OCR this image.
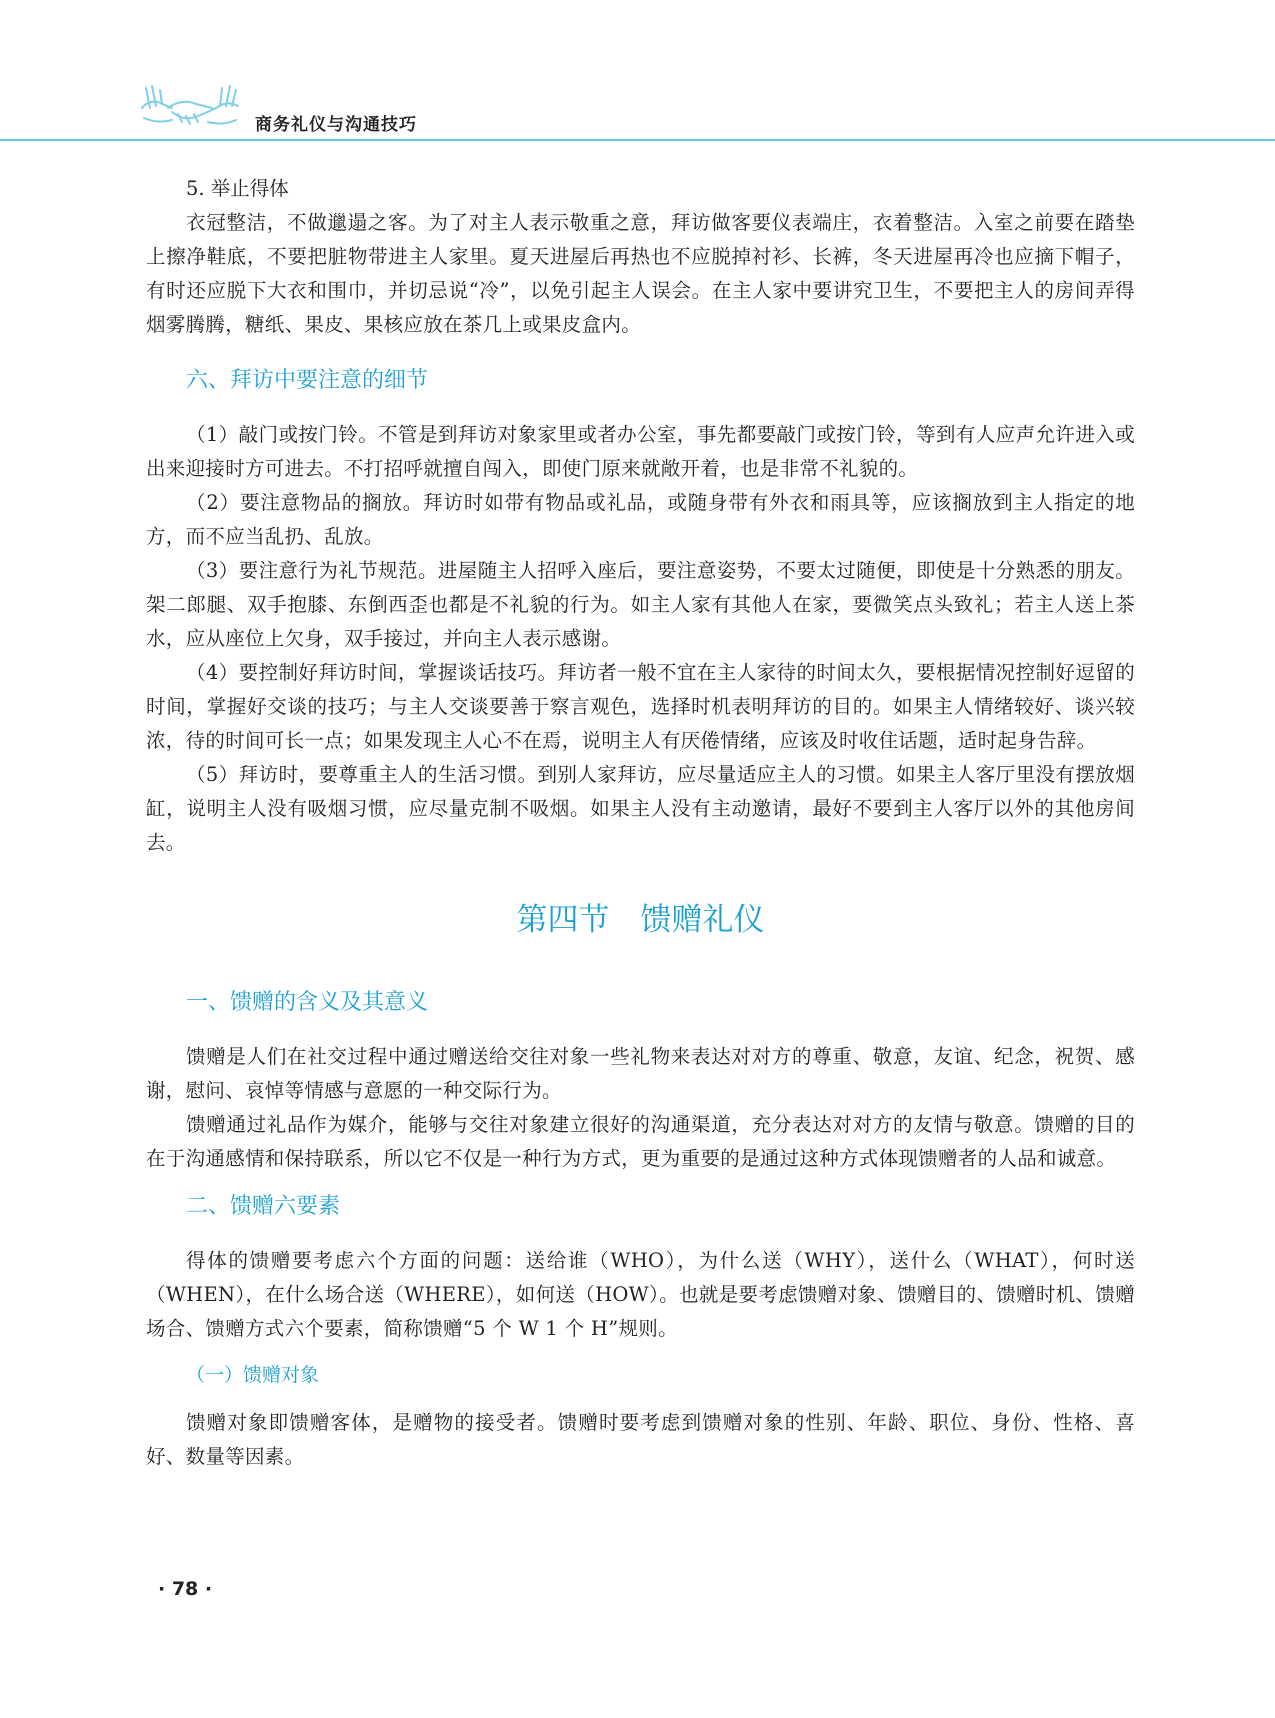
商务礼仪与沟通技巧
5. 举止得体

衣冠整洁，不做邋遢之客。为了对主人表示敬重之意，拜访做客要仪表端庄，衣着整洁。入室之前要在踏垫上擦净鞋底，不要把脏物带进主人家里。夏天进屋后再热也不应脱掉衬衫、长裤，冬天进屋再冷也应摘下帽子，有时还应脱下大衣和围巾，并切忌说“冷”，以免引起主人误会。在主人家中要讲究卫生，不要把主人的房间弄得烟雾腾腾，糖纸、果皮、果核应放在茶几上或果皮盒内。

六、拜访中要注意的细节

（1）敲门或按门铃。不管是到拜访对象家里或者办公室，事先都要敲门或按门铃，等到有人应声允许进入或出来迎接时方可进去。不打招呼就擅自闯入，即使门原来就敞开着，也是非常不礼貌的。

（2）要注意物品的搁放。拜访时如带有物品或礼品，或随身带有外衣和雨具等，应该搁放到主人指定的地方，而不应当乱扔、乱放。

（3）要注意行为礼节规范。进屋随主人招呼入座后，要注意姿势，不要太过随便，即使是十分熟悉的朋友。架二郎腿、双手抱膝、东倒西歪也都是不礼貌的行为。如主人家有其他人在家，要微笑点头致礼；若主人送上茶水，应从座位上欠身，双手接过，并向主人表示感谢。

（4）要控制好拜访时间，掌握谈话技巧。拜访者一般不宜在主人家待的时间太久，要根据情况控制好逗留的时间，掌握好交谈的技巧；与主人交谈要善于察言观色，选择时机表明拜访的目的。如果主人情绪较好、谈兴较浓，待的时间可长一点；如果发现主人心不在焉，说明主人有厌倦情绪，应该及时收住话题，适时起身告辞。

（5）拜访时，要尊重主人的生活习惯。到别人家拜访，应尽量适应主人的习惯。如果主人客厅里没有摆放烟缸，说明主人没有吸烟习惯，应尽量克制不吸烟。如果主人没有主动邀请，最好不要到主人客厅以外的其他房间去。

第四节　馈赠礼仪
一、馈赠的含义及其意义

馈赠是人们在社交过程中通过赠送给交往对象一些礼物来表达对对方的尊重、敬意，友谊、纪念，祝贺、感谢，慰问、哀悼等情感与意愿的一种交际行为。

馈赠通过礼品作为媒介，能够与交往对象建立很好的沟通渠道，充分表达对对方的友情与敬意。馈赠的目的在于沟通感情和保持联系，所以它不仅是一种行为方式，更为重要的是通过这种方式体现馈赠者的人品和诚意。

二、馈赠六要素

得体的馈赠要考虑六个方面的问题：送给谁（WHO），为什么送（WHY），送什么（WHAT），何时送（WHEN），在什么场合送（WHERE），如何送（HOW）。也就是要考虑馈赠对象、馈赠目的、馈赠时机、馈赠场合、馈赠方式六个要素，简称馈赠“5 个 W 1 个 H”规则。

（一）馈赠对象

馈赠对象即馈赠客体，是赠物的接受者。馈赠时要考虑到馈赠对象的性别、年龄、职位、身份、性格、喜好、数量等因素。

· 78 ·
